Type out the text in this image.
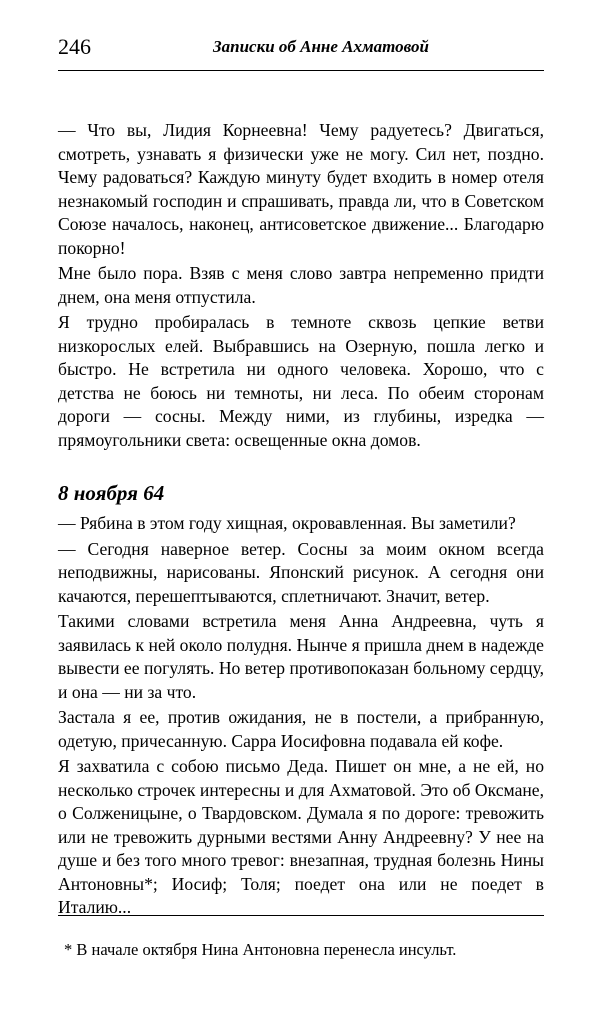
246	Записки об Анне Ахматовой

— Что вы, Лидия Корнеевна! Чему радуетесь? Двигаться, смотреть, узнавать я физически уже не могу. Сил нет, поздно. Чему радоваться? Каждую минуту будет входить в номер отеля незнакомый господин и спрашивать, правда ли, что в Советском Союзе началось, наконец, антисоветское движение... Благодарю покорно!

Мне было пора. Взяв с меня слово завтра непременно придти днем, она меня отпустила.

Я трудно пробиралась в темноте сквозь цепкие ветви низкорослых елей. Выбравшись на Озерную, пошла легко и быстро. Не встретила ни одного человека. Хорошо, что с детства не боюсь ни темноты, ни леса. По обеим сторонам дороги — сосны. Между ними, из глубины, изредка — прямоугольники света: освещенные окна домов.

8 ноября 64

— Рябина в этом году хищная, окровавленная. Вы заметили?

— Сегодня наверное ветер. Сосны за моим окном всегда неподвижны, нарисованы. Японский рисунок. А сегодня они качаются, перешептываются, сплетничают. Значит, ветер.

Такими словами встретила меня Анна Андреевна, чуть я заявилась к ней около полудня. Нынче я пришла днем в надежде вывести ее погулять. Но ветер противопоказан больному сердцу, и она — ни за что.

Застала я ее, против ожидания, не в постели, а прибранную, одетую, причесанную. Сарра Иосифовна подавала ей кофе.

Я захватила с собою письмо Деда. Пишет он мне, а не ей, но несколько строчек интересны и для Ахматовой. Это об Оксмане, о Солженицыне, о Твардовском. Думала я по дороге: тревожить или не тревожить дурными вестями Анну Андреевну? У нее на душе и без того много тревог: внезапная, трудная болезнь Нины Антоновны*; Иосиф; Толя; поедет она или не поедет в Италию...

* В начале октября Нина Антоновна перенесла инсульт.
